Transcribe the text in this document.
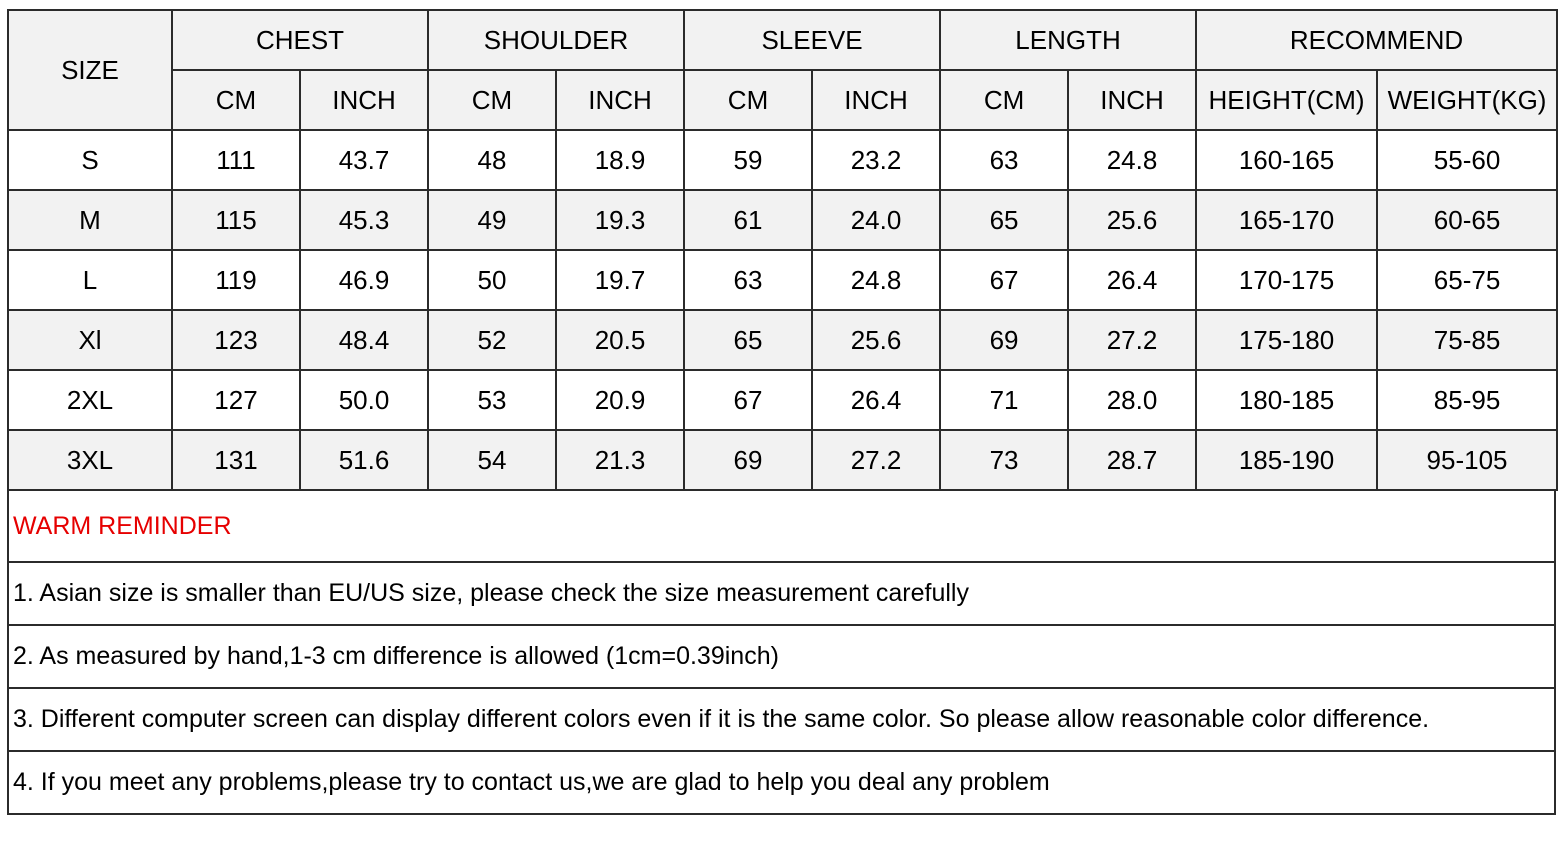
SIZE	CHEST		SHOULDER		SLEEVE		LENGTH		RECOMMEND	
	CM	INCH	CM	INCH	CM	INCH	CM	INCH	HEIGHT(CM)	WEIGHT(KG)
S	111	43.7	48	18.9	59	23.2	63	24.8	160-165	55-60
M	115	45.3	49	19.3	61	24.0	65	25.6	165-170	60-65
L	119	46.9	50	19.7	63	24.8	67	26.4	170-175	65-75
Xl	123	48.4	52	20.5	65	25.6	69	27.2	175-180	75-85
2XL	127	50.0	53	20.9	67	26.4	71	28.0	180-185	85-95
3XL	131	51.6	54	21.3	69	27.2	73	28.7	185-190	95-105
WARM REMINDER
1. Asian size is smaller than EU/US size, please check the size measurement carefully
2. As measured by hand,1-3 cm difference is allowed (1cm=0.39inch)
3. Different computer screen can display different colors even if it is the same color. So please allow reasonable color difference.
4. If you meet any problems,please try to contact us,we are glad to help you deal any problem
